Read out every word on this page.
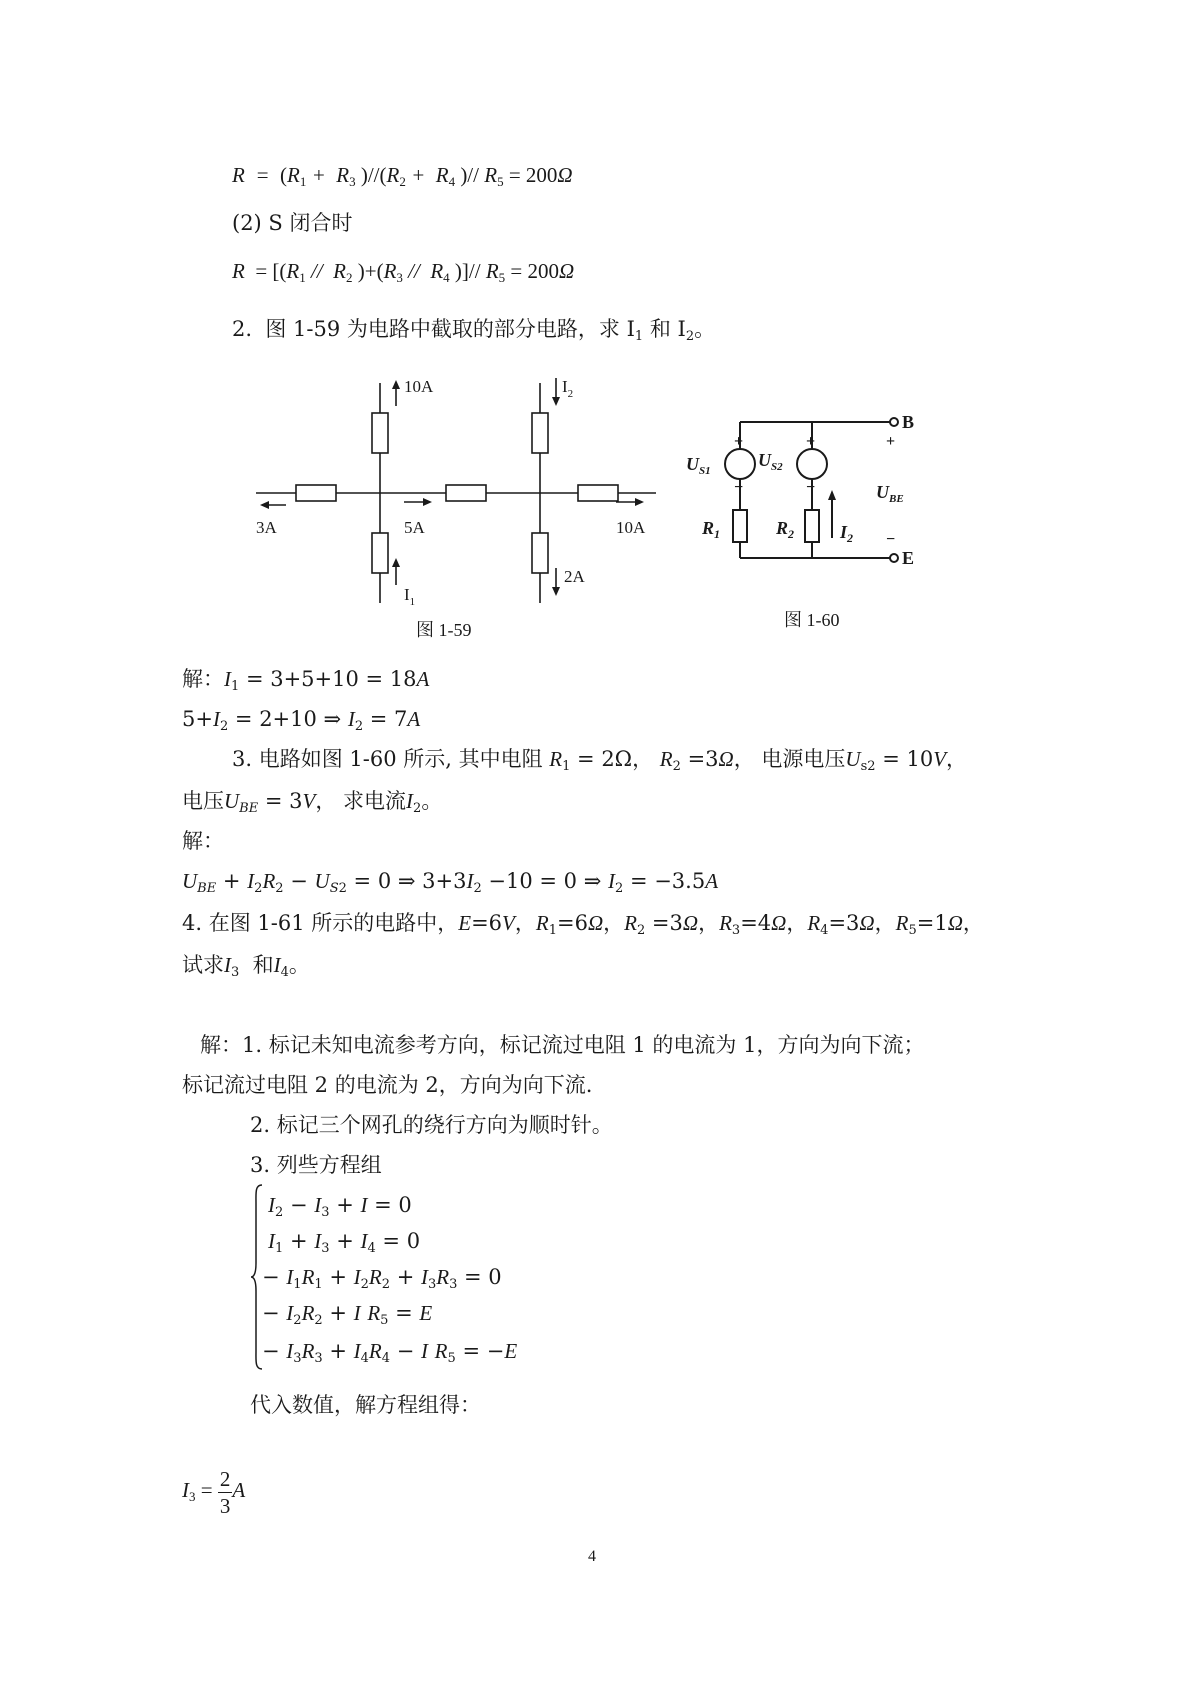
$R = (R_1 + R_3$ )$//(R_2 + R_4$ )// $R_5 = 200\Omega$
(2) S 闭合时
$R = [(R_1 // R_2$ )$+(R_3 // R_4$ )]// $R_5 = 200\Omega$
2.  图 1-59 为电路中截取的部分电路，求 $I_1$ 和 $I_2$。
10A	$I_2$
3A	5A	10A
$I_1$
2A
图 1-59
$U_{S1}$
$U_{S2}$
$R_1$	$R_2$	$I_2$
$U_{BE}$
B
E
+
−
+
−
+
−
图 1-60
解：$I_1 = 3+5+10 = 18A$
$5+I_2 = 2+10$ ⇒ $I_2 = 7A$
3. 电路如图 1-60 所示, 其中电阻 $R_1 = 2\Omega$， $R_2 =3\Omega$， 电源电压$U_{s2} = 10V$，
电压$U_{BE} = 3V$， 求电流$I_2$。
解：
$U_{BE} + I_2R_2 - U_{S2} = 0$ ⇒ $3+3I_2 -10 = 0$ ⇒ $I_2 = -3.5A$
4. 在图 1-61 所示的电路中，E=6V，$R_1=6\Omega$，$R_2 =3\Omega$，$R_3=4\Omega$，$R_4=3\Omega$，$R_5=1\Omega$，
试求$I_3$  和$I_4$。
解：1. 标记未知电流参考方向，标记流过电阻 1 的电流为 1，方向为向下流；
标记流过电阻 2 的电流为 2，方向为向下流.
2. 标记三个网孔的绕行方向为顺时针。
3. 列些方程组
$I_2 - I_3 + I = 0$
$I_1 + I_3 + I_4 = 0$
− $I_1R_1 + I_2R_2 + I_3R_3 = 0$
− $I_2R_2 + I$ $R_5 = E$
− $I_3R_3 + I_4R_4 - I$ $R_5 = -E$
代入数值，解方程组得：
$I_3 = \frac{2}{3}$ A
4
